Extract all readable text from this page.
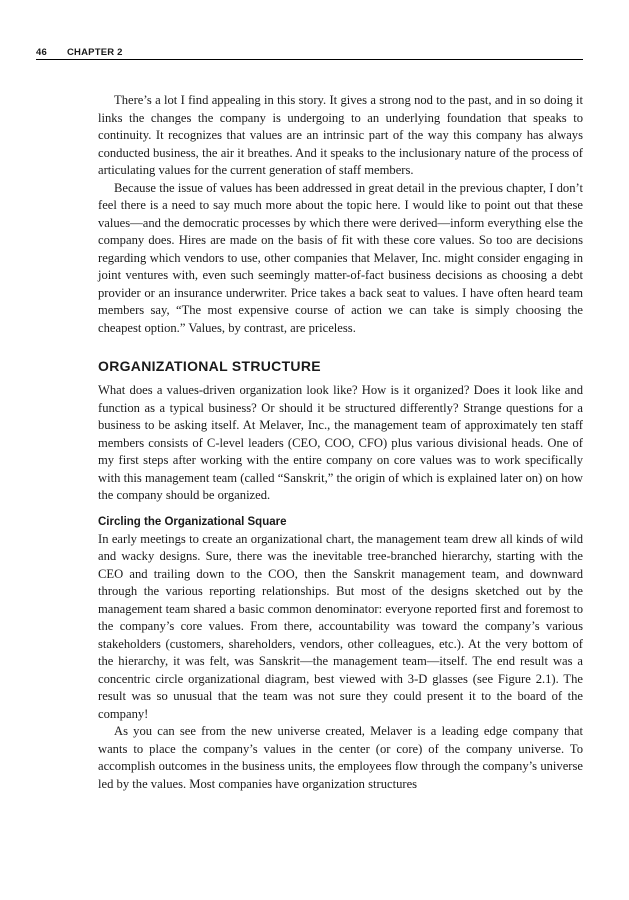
46 CHAPTER 2

There’s a lot I find appealing in this story. It gives a strong nod to the past, and in so doing it links the changes the company is undergoing to an underlying foundation that speaks to continuity. It recognizes that values are an intrinsic part of the way this company has always conducted business, the air it breathes. And it speaks to the inclusionary nature of the process of articulating values for the current generation of staff members.

Because the issue of values has been addressed in great detail in the previous chapter, I don’t feel there is a need to say much more about the topic here. I would like to point out that these values—and the democratic processes by which there were derived—inform everything else the company does. Hires are made on the basis of fit with these core values. So too are decisions regarding which vendors to use, other companies that Melaver, Inc. might consider engaging in joint ventures with, even such seemingly matter-of-fact business decisions as choosing a debt provider or an insurance underwriter. Price takes a back seat to values. I have often heard team members say, “The most expensive course of action we can take is simply choosing the cheapest option.” Values, by contrast, are priceless.

ORGANIZATIONAL STRUCTURE

What does a values-driven organization look like? How is it organized? Does it look like and function as a typical business? Or should it be structured differently? Strange questions for a business to be asking itself. At Melaver, Inc., the management team of approximately ten staff members consists of C-level leaders (CEO, COO, CFO) plus various divisional heads. One of my first steps after working with the entire company on core values was to work specifically with this management team (called “Sanskrit,” the origin of which is explained later on) on how the company should be organized.

Circling the Organizational Square

In early meetings to create an organizational chart, the management team drew all kinds of wild and wacky designs. Sure, there was the inevitable tree-branched hierarchy, starting with the CEO and trailing down to the COO, then the Sanskrit management team, and downward through the various reporting relationships. But most of the designs sketched out by the management team shared a basic common denominator: everyone reported first and foremost to the company’s core values. From there, accountability was toward the company’s various stakeholders (customers, shareholders, vendors, other colleagues, etc.). At the very bottom of the hierarchy, it was felt, was Sanskrit—the management team—itself. The end result was a concentric circle organizational diagram, best viewed with 3-D glasses (see Figure 2.1). The result was so unusual that the team was not sure they could present it to the board of the company!

As you can see from the new universe created, Melaver is a leading edge company that wants to place the company’s values in the center (or core) of the company universe. To accomplish outcomes in the business units, the employees flow through the company’s universe led by the values. Most companies have organization structures
